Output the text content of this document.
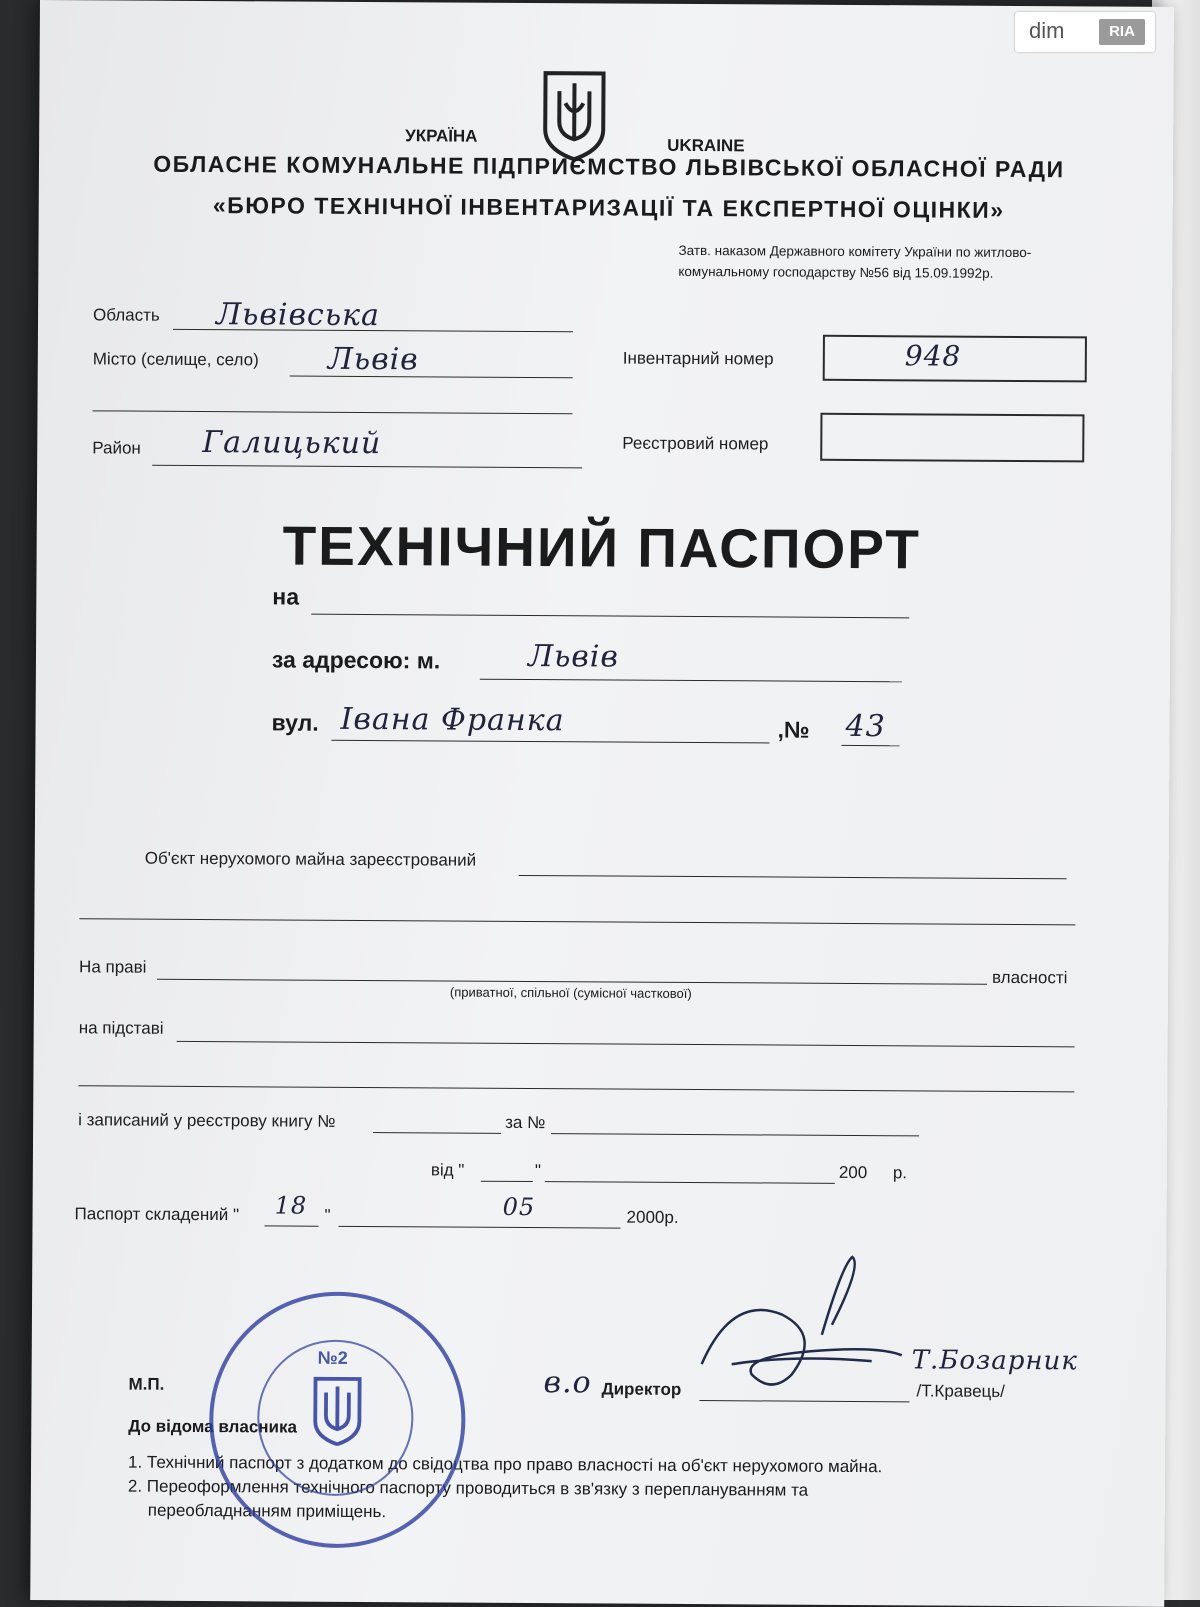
УКРАЇНА	UKRAINE
ОБЛАСНЕ КОМУНАЛЬНЕ ПІДПРИЄМСТВО ЛЬВІВСЬКОЇ ОБЛАСНОЇ РАДИ
«БЮРО ТЕХНІЧНОЇ ІНВЕНТАРИЗАЦІЇ ТА ЕКСПЕРТНОЇ ОЦІНКИ»
Затв. наказом Державного комітету України по житлово-
комунальному господарству №56 від 15.09.1992р.
Область Львівська
Місто (селище, село) Львів
Район Галицький
Інвентарний номер	948
Реєстровий номер
ТЕХНІЧНИЙ ПАСПОРТ
на
за адресою: м.	Львів
вул. Івана Франка	,№ 43
Об'єкт нерухомого майна зареєстрований
На праві
(приватної, спільної (сумісної часткової)
власності
на підставі
і записаний у реєстрову книгу №	за №
від "	"	200 р.
Паспорт складений " 18 "	05	2000р.
М.П.	в.о Директор	/Т.Кравець/
Т.Бозарник
До відома власника
1. Технічний паспорт з додатком до свідоцтва про право власності на об'єкт нерухомого майна.
2. Переоформлення технічного паспорту проводиться в зв'язку з переплануванням та
перeобладнанням приміщень.
№2
dim	RIA
